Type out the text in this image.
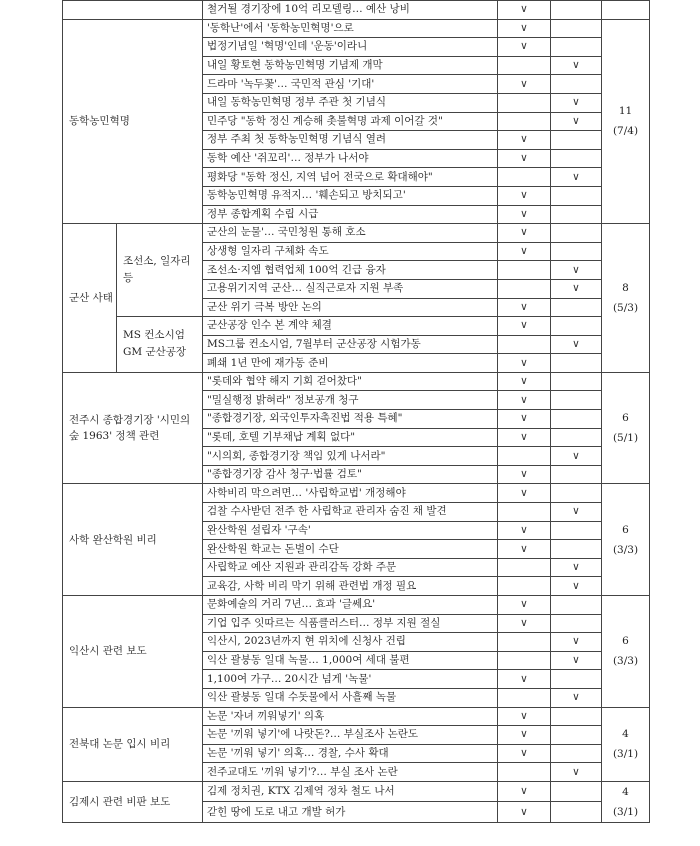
		철거될 경기장에 10억 리모델링… 예산 낭비	∨		

동학농민혁명		'동학난'에서 '동학농민혁명'으로	∨		11
(7/4)

		법정기념일 '혁명'인데 '운동'이라니	∨		
		내일 황토현 동학농민혁명 기념제 개막		∨	
		드라마 '녹두꽃'… 국민적 관심 '기대'	∨		
		내일 동학농민혁명 정부 주관 첫 기념식		∨	
		민주당 "동학 정신 계승해 촛불혁명 과제 이어갈 것"		∨	
		정부 주최 첫 동학농민혁명 기념식 열려	∨		
		동학 예산 '쥐꼬리'… 정부가 나서야	∨		
		평화당 "동학 정신, 지역 넘어 전국으로 확대해야"		∨	
		동학농민혁명 유적지… '훼손되고 방치되고'	∨		
		정부 종합계획 수립 시급	∨		
군산 사태	조선소, 일자리 등	군산의 눈물'… 국민청원 통해 호소	∨		8
(5/3)

		상생형 일자리 구체화 속도	∨		
		조선소·지엠 협력업체 100억 긴급 융자		∨	
		고용위기지역 군산… 실직근로자 지원 부족		∨	
		군산 위기 극복 방안 논의	∨		
	MS 컨소시엄 GM 군산공장	군산공장 인수 본 계약 체결	∨		
		MS그룹 컨소시엄, 7월부터 군산공장 시험가동		∨	
		폐쇄 1년 만에 재가동 준비	∨		
전주시 종합경기장 '시민의 숲 1963' 정책 관련		"롯데와 협약 해지 기회 걷어찼다"	∨		6
(5/1)

		"밀실행정 밝혀라" 정보공개 청구	∨		
		"종합경기장, 외국인투자촉진법 적용 특혜"	∨		
		"롯데, 호텔 기부채납 계획 없다"	∨		
		"시의회, 종합경기장 책임 있게 나서라"		∨	
		"종합경기장 감사 청구·법률 검토"	∨		
사학 완산학원 비리		사학비리 막으려면… '사립학교법' 개정해야	∨		6
(3/3)

		검찰 수사받던 전주 한 사립학교 관리자 숨진 채 발견		∨	
		완산학원 설립자 '구속'	∨		
		완산학원 학교는 돈벌이 수단	∨		
		사립학교 예산 지원과 관리감독 강화 주문		∨	
		교육감, 사학 비리 막기 위해 관련법 개정 필요		∨	
익산시 관련 보도		문화예술의 거리 7년… 효과 '글쎄요'	∨		6
(3/3)

		기업 입주 잇따르는 식품클러스터… 정부 지원 절실	∨		
		익산시, 2023년까지 현 위치에 신청사 건립		∨	
		익산 괄붕동 일대 녹물… 1,000여 세대 불편		∨	
		1,100여 가구… 20시간 넘게 '녹물'	∨		
		익산 괄붕동 일대 수돗물에서 사흘째 녹물		∨	
전북대 논문 입시 비리		논문 '자녀 끼워넣기' 의혹	∨		4
(3/1)

		논문 '끼워 넣기'에 나랏돈?… 부실조사 논란도	∨		
		논문 '끼워 넣기' 의혹… 경찰, 수사 확대	∨		
		전주교대도 '끼워 넣기'?… 부실 조사 논란		∨	
김제시 관련 비판 보도		김제 정치권, KTX 김제역 정차 철도 나서	∨		4
(3/1)

		갇힌 땅에 도로 내고 개발 허가	∨		
